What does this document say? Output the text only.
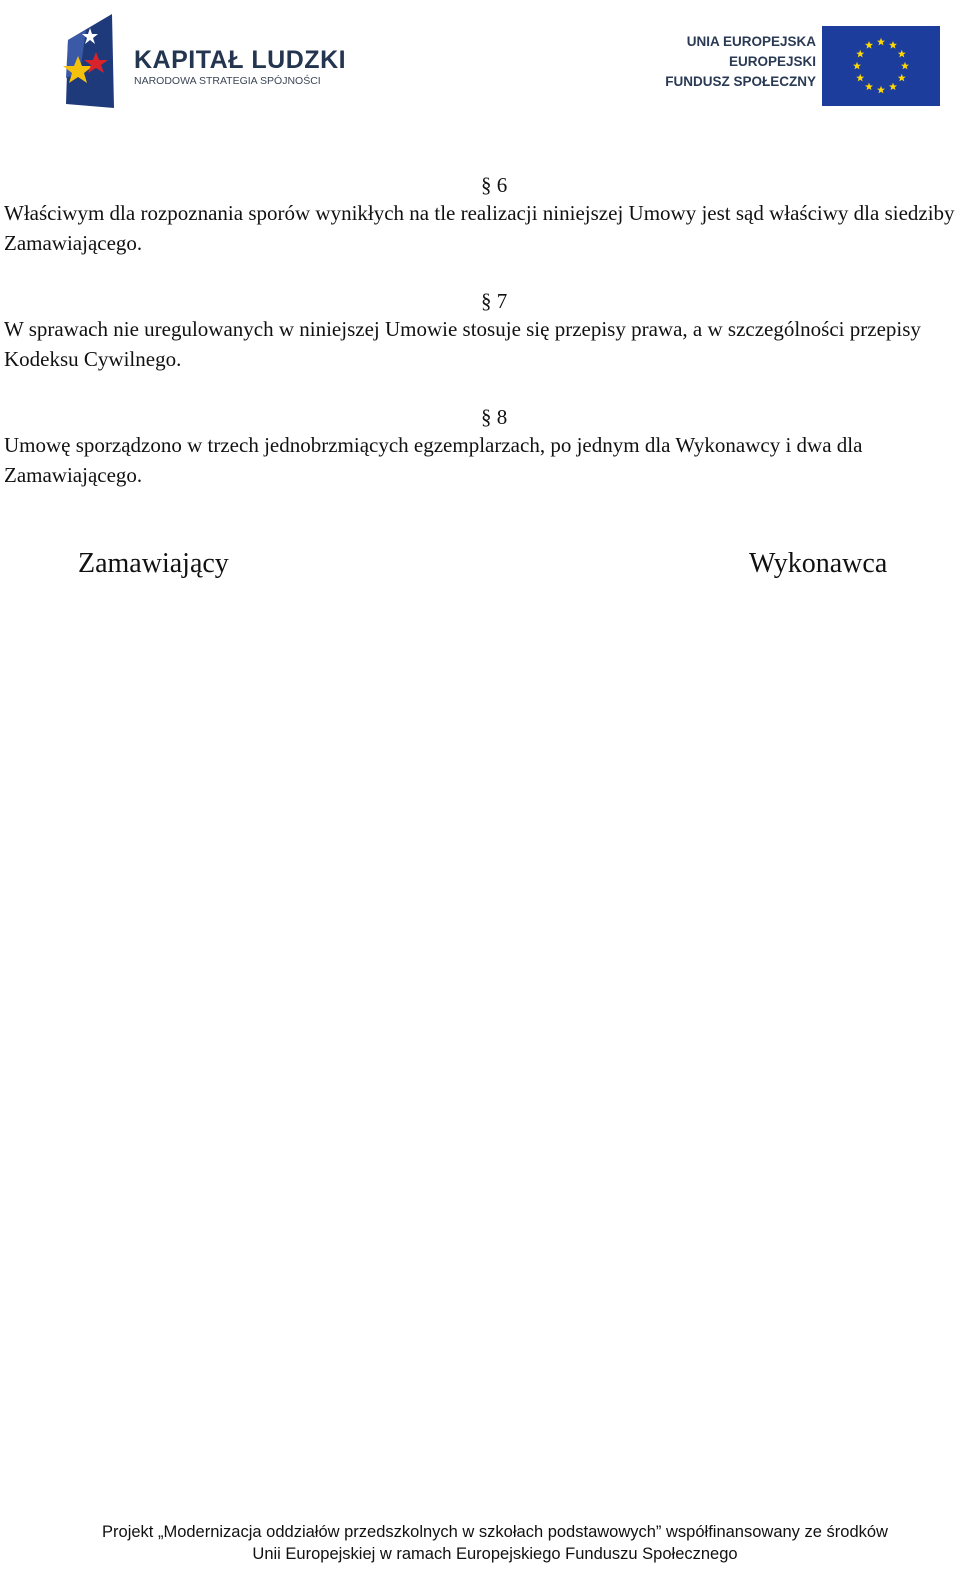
KAPITAŁ LUDZKI
NARODOWA STRATEGIA SPÓJNOŚCI
UNIA EUROPEJSKA
EUROPEJSKI
FUNDUSZ SPOŁECZNY
§ 6
Właściwym dla rozpoznania sporów wynikłych na tle realizacji niniejszej Umowy jest sąd właściwy dla siedziby Zamawiającego.
§ 7
W sprawach nie uregulowanych w niniejszej Umowie stosuje się przepisy prawa, a w szczególności przepisy Kodeksu Cywilnego.
§ 8
Umowę sporządzono w trzech jednobrzmiących egzemplarzach, po jednym dla Wykonawcy i dwa dla Zamawiającego.
Zamawiający	Wykonawca
Projekt „Modernizacja oddziałów przedszkolnych w szkołach podstawowych” współfinansowany ze środków
Unii Europejskiej w ramach Europejskiego Funduszu Społecznego
